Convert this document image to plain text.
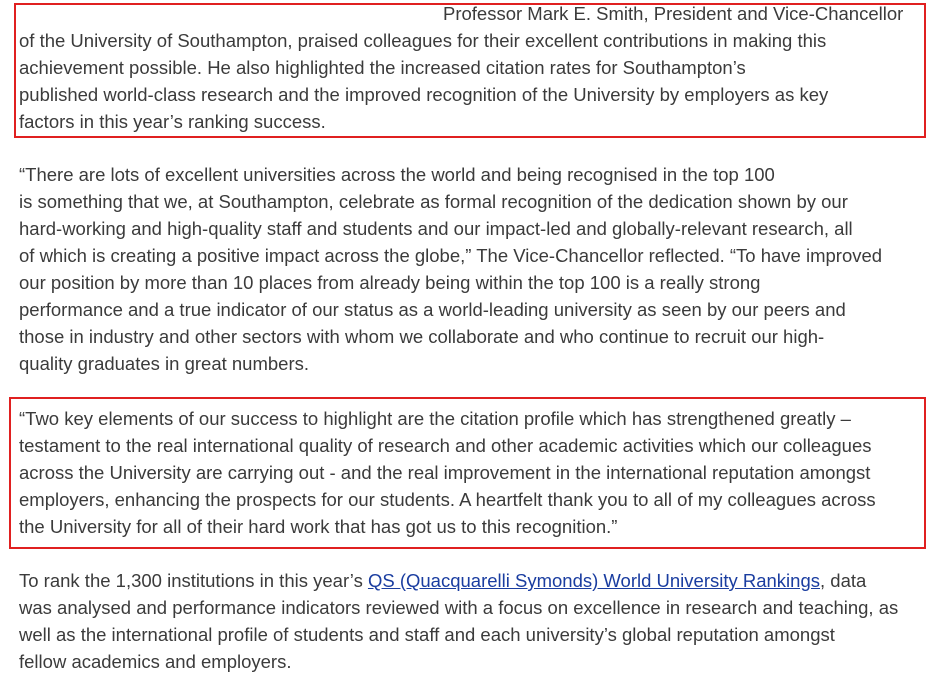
Professor Mark E. Smith, President and Vice-Chancellor
of the University of Southampton, praised colleagues for their excellent contributions in making this
achievement possible. He also highlighted the increased citation rates for Southampton’s
published world-class research and the improved recognition of the University by employers as key
factors in this year’s ranking success.
“There are lots of excellent universities across the world and being recognised in the top 100
is something that we, at Southampton, celebrate as formal recognition of the dedication shown by our
hard-working and high-quality staff and students and our impact-led and globally-relevant research, all
of which is creating a positive impact across the globe,” The Vice-Chancellor reflected. “To have improved
our position by more than 10 places from already being within the top 100 is a really strong
performance and a true indicator of our status as a world-leading university as seen by our peers and
those in industry and other sectors with whom we collaborate and who continue to recruit our high-
quality graduates in great numbers.
“Two key elements of our success to highlight are the citation profile which has strengthened greatly –
testament to the real international quality of research and other academic activities which our colleagues
across the University are carrying out - and the real improvement in the international reputation amongst
employers, enhancing the prospects for our students. A heartfelt thank you to all of my colleagues across
the University for all of their hard work that has got us to this recognition.”
To rank the 1,300 institutions in this year’s QS (Quacquarelli Symonds) World University Rankings, data
was analysed and performance indicators reviewed with a focus on excellence in research and teaching, as
well as the international profile of students and staff and each university’s global reputation amongst
fellow academics and employers.
